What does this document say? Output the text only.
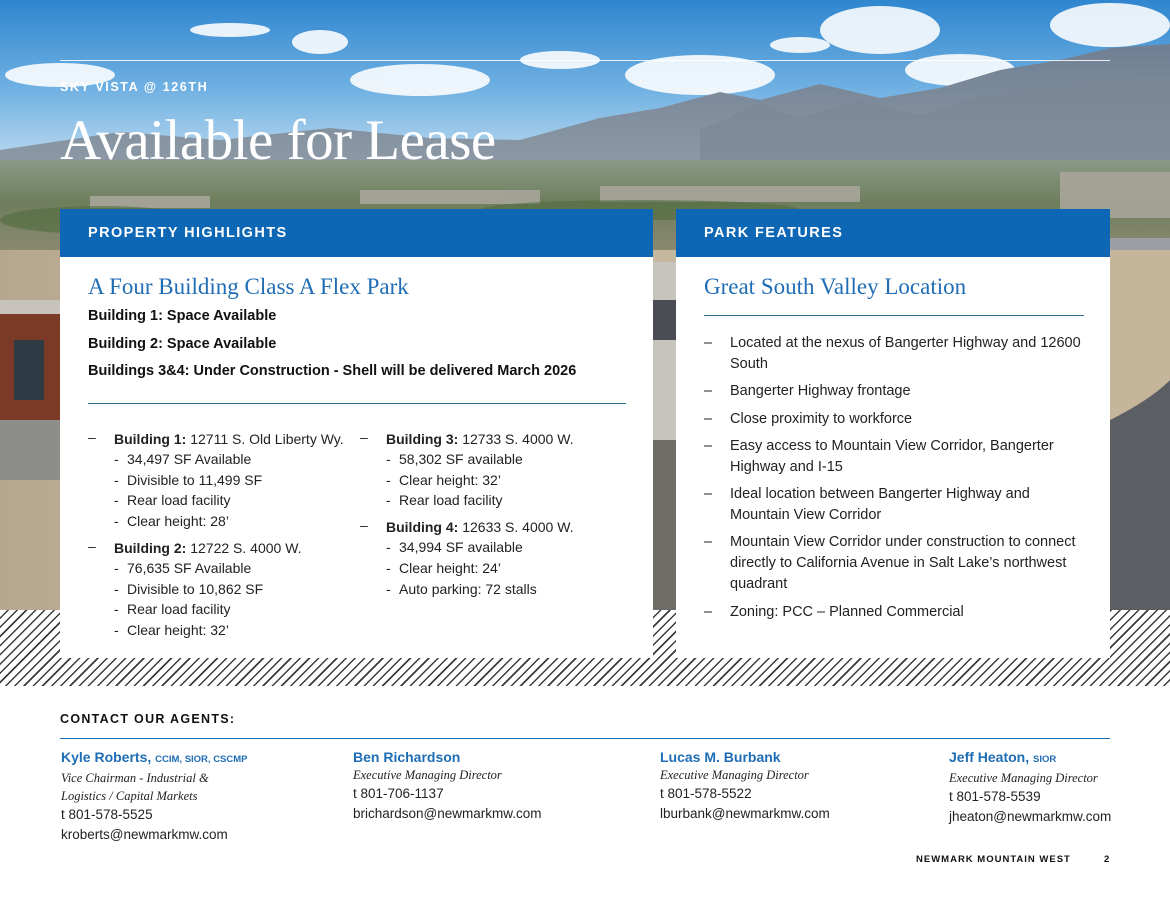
SKY VISTA @ 126TH
Available for Lease
PROPERTY HIGHLIGHTS
A Four Building Class A Flex Park
Building 1: Space Available
Building 2: Space Available
Buildings 3&4: Under Construction - Shell will be delivered March 2026
–	Building 1: 12711 S. Old Liberty Wy.
- 34,497 SF Available
- Divisible to 11,499 SF
- Rear load facility
- Clear height: 28’
–	Building 2: 12722 S. 4000 W.
- 76,635 SF Available
- Divisible to 10,862 SF
- Rear load facility
- Clear height: 32’
–	Building 3: 12733 S. 4000 W.
- 58,302 SF available
- Clear height: 32’
- Rear load facility
–	Building 4: 12633 S. 4000 W.
- 34,994 SF available
- Clear height: 24’
- Auto parking: 72 stalls
PARK FEATURES
Great South Valley Location
–	Located at the nexus of Bangerter Highway and 12600 South
–	Bangerter Highway frontage
–	Close proximity to workforce
–	Easy access to Mountain View Corridor, Bangerter Highway and I-15
–	Ideal location between Bangerter Highway and Mountain View Corridor
–	Mountain View Corridor under construction to connect directly to California Avenue in Salt Lake’s northwest quadrant
–	Zoning: PCC – Planned Commercial
CONTACT OUR AGENTS:
Kyle Roberts, CCIM, SIOR, CSCMP
Vice Chairman - Industrial &
Logistics / Capital Markets
t 801-578-5525
kroberts@newmarkmw.com
Ben Richardson
Executive Managing Director
t 801-706-1137
brichardson@newmarkmw.com
Lucas M. Burbank
Executive Managing Director
t 801-578-5522
lburbank@newmarkmw.com
Jeff Heaton, SIOR
Executive Managing Director
t 801-578-5539
jheaton@newmarkmw.com
NEWMARK MOUNTAIN WEST	2
